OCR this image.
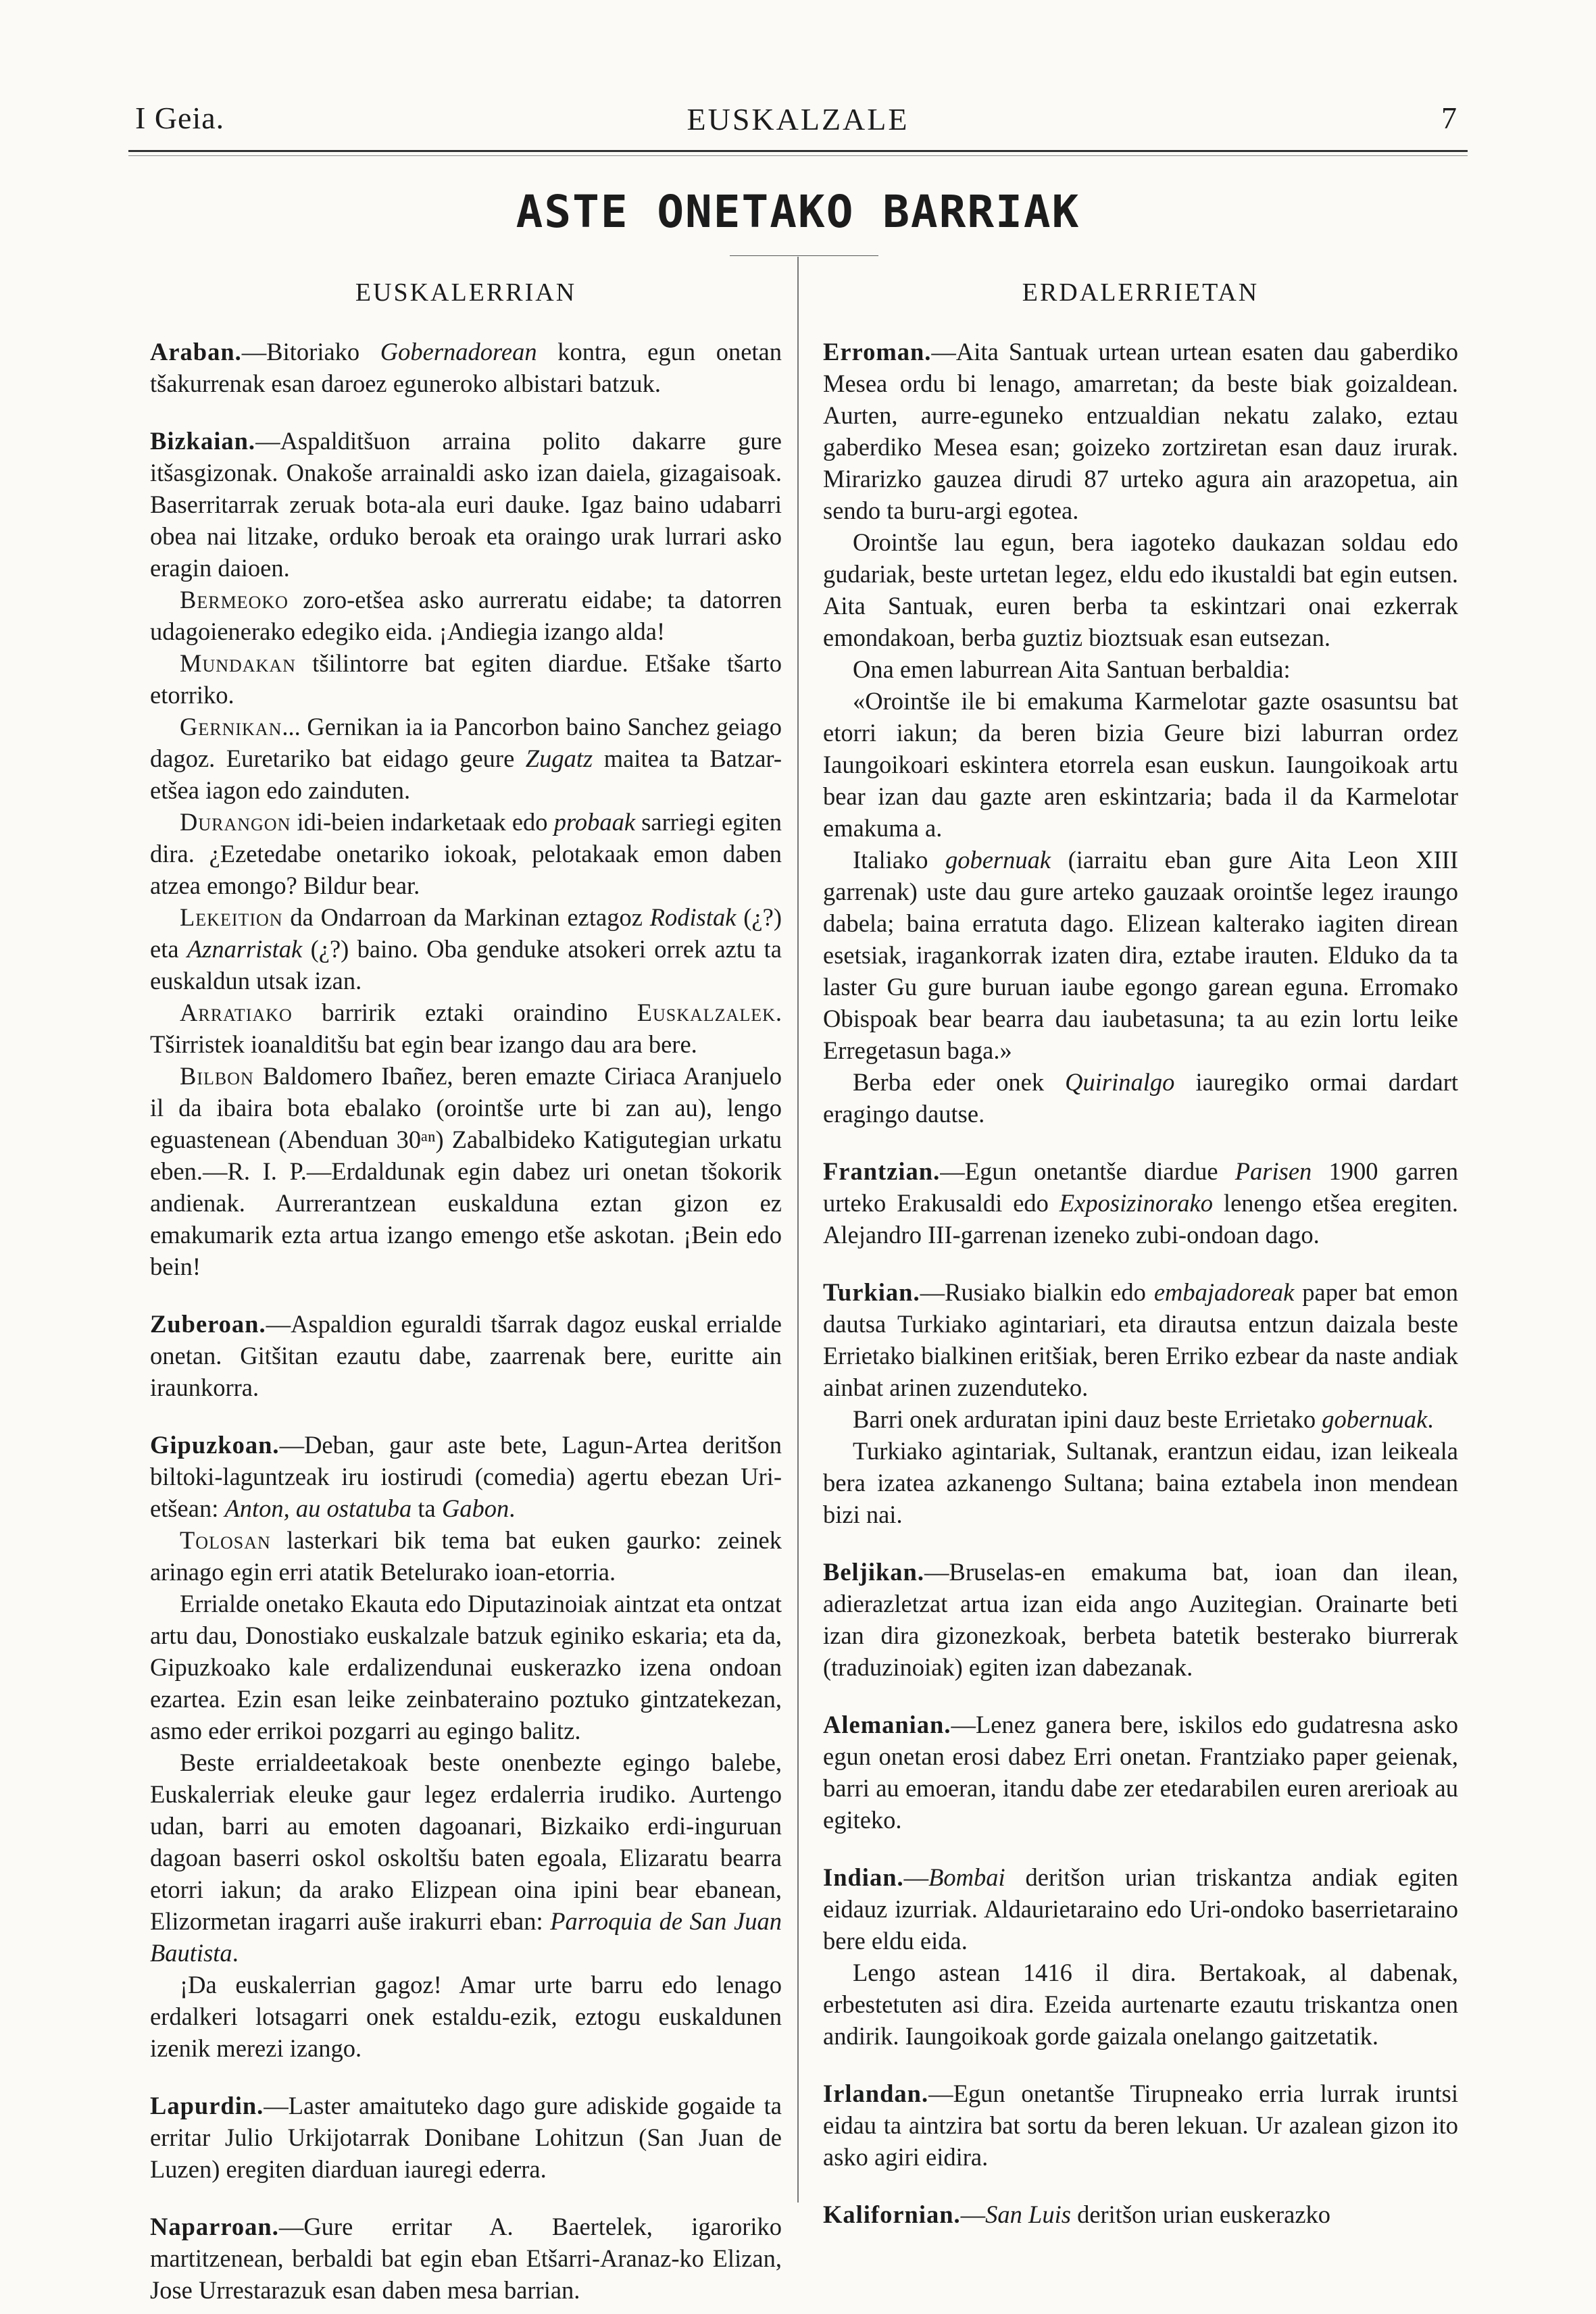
I Geia.	EUSKALZALE	7
ASTE ONETAKO BARRIAK
EUSKALERRIAN

Araban.—Bitoriako Gobernadorean kontra, egun onetan tšakurrenak esan daroez eguneroko albistari batzuk.

Bizkaian.—Aspalditšuon arraina polito dakarre gure itšasgizonak. Onakoše arrainaldi asko izan daiela, gizagaisoak. Baserritarrak zeruak bota-ala euri dauke. Igaz baino udabarri obea nai litzake, orduko beroak eta oraingo urak lurrari asko eragin daioen.

Bermeoko zoro-etšea asko aurreratu eidabe; ta datorren udagoienerako edegiko eida. ¡Andiegia izango alda!

Mundakan tšilintorre bat egiten diardue. Etšake tšarto etorriko.

Gernikan... Gernikan ia ia Pancorbon baino Sanchez geiago dagoz. Euretariko bat eidago geure Zugatz maitea ta Batzar-etšea iagon edo zainduten.

Durangon idi-beien indarketaak edo probaak sarriegi egiten dira. ¿Ezetedabe onetariko iokoak, pelotakaak emon daben atzea emongo? Bildur bear.

Lekeition da Ondarroan da Markinan eztagoz Rodistak (¿?) eta Aznarristak (¿?) baino. Oba genduke atsokeri orrek aztu ta euskaldun utsak izan.

Arratiako barririk eztaki oraindino Euskalzalek. Tširristek ioanalditšu bat egin bear izango dau ara bere.

Bilbon Baldomero Ibañez, beren emazte Ciriaca Aranjuelo il da ibaira bota ebalako (orointše urte bi zan au), lengo eguastenean (Abenduan 30ᵃⁿ) Zabalbideko Katigutegian urkatu eben.—R. I. P.—Erdaldunak egin dabez uri onetan tšokorik andienak. Aurrerantzean euskalduna eztan gizon ez emakumarik ezta artua izango emengo etše askotan. ¡Bein edo bein!

Zuberoan.—Aspaldion eguraldi tšarrak dagoz euskal errialde onetan. Gitšitan ezautu dabe, zaarrenak bere, euritte ain iraunkorra.

Gipuzkoan.—Deban, gaur aste bete, Lagun-Artea deritšon biltoki-laguntzeak iru iostirudi (comedia) agertu ebezan Uri-etšean: Anton, au ostatuba ta Gabon.

Tolosan lasterkari bik tema bat euken gaurko: zeinek arinago egin erri atatik Betelurako ioan-etorria.

Errialde onetako Ekauta edo Diputazinoiak aintzat eta ontzat artu dau, Donostiako euskalzale batzuk eginiko eskaria; eta da, Gipuzkoako kale erdalizendunai euskerazko izena ondoan ezartea. Ezin esan leike zeinbateraino poztuko gintzatekezan, asmo eder errikoi pozgarri au egingo balitz.

Beste errialdeetakoak beste onenbezte egingo balebe, Euskalerriak eleuke gaur legez erdalerria irudiko. Aurtengo udan, barri au emoten dagoanari, Bizkaiko erdi-inguruan dagoan baserri oskol oskoltšu baten egoala, Elizaratu bearra etorri iakun; da arako Elizpean oina ipini bear ebanean, Elizormetan iragarri auše irakurri eban: Parroquia de San Juan Bautista.

¡Da euskalerrian gagoz! Amar urte barru edo lenago erdalkeri lotsagarri onek estaldu-ezik, eztogu euskaldunen izenik merezi izango.

Lapurdin.—Laster amaituteko dago gure adiskide gogaide ta erritar Julio Urkijotarrak Donibane Lohitzun (San Juan de Luzen) eregiten diarduan iauregi ederra.

Naparroan.—Gure erritar A. Baertelek, igaroriko martitzenean, berbaldi bat egin eban Etšarri-Aranaz-ko Elizan, Jose Urrestarazuk esan daben mesa barrian.

ERDALERRIETAN

Erroman.—Aita Santuak urtean urtean esaten dau gaberdiko Mesea ordu bi lenago, amarretan; da beste biak goizaldean. Aurten, aurre-eguneko entzualdian nekatu zalako, eztau gaberdiko Mesea esan; goizeko zortziretan esan dauz irurak. Mirarizko gauzea dirudi 87 urteko agura ain arazopetua, ain sendo ta buru-argi egotea.

Orointše lau egun, bera iagoteko daukazan soldau edo gudariak, beste urtetan legez, eldu edo ikustaldi bat egin eutsen. Aita Santuak, euren berba ta eskintzari onai ezkerrak emondakoan, berba guztiz bioztsuak esan eutsezan.

Ona emen laburrean Aita Santuan berbaldia:

«Orointše ile bi emakuma Karmelotar gazte osasuntsu bat etorri iakun; da beren bizia Geure bizi laburran ordez Iaungoikoari eskintera etorrela esan euskun. Iaungoikoak artu bear izan dau gazte aren eskintzaria; bada il da Karmelotar emakuma a.

Italiako gobernuak (iarraitu eban gure Aita Leon XIII garrenak) uste dau gure arteko gauzaak orointše legez iraungo dabela; baina erratuta dago. Elizean kalterako iagiten direan esetsiak, iragankorrak izaten dira, eztabe irauten. Elduko da ta laster Gu gure buruan iaube egongo garean eguna. Erromako Obispoak bear bearra dau iaubetasuna; ta au ezin lortu leike Erregetasun baga.»

Berba eder onek Quirinalgo iauregiko ormai dardart eragingo dautse.

Frantzian.—Egun onetantše diardue Parisen 1900 garren urteko Erakusaldi edo Exposizinorako lenengo etšea eregiten. Alejandro III-garrenan izeneko zubi-ondoan dago.

Turkian.—Rusiako bialkin edo embajadoreak paper bat emon dautsa Turkiako agintariari, eta dirautsa entzun daizala beste Errietako bialkinen eritšiak, beren Erriko ezbear da naste andiak ainbat arinen zuzenduteko.

Barri onek arduratan ipini dauz beste Errietako gobernuak.

Turkiako agintariak, Sultanak, erantzun eidau, izan leikeala bera izatea azkanengo Sultana; baina eztabela inon mendean bizi nai.

Beljikan.—Bruselas-en emakuma bat, ioan dan ilean, adierazletzat artua izan eida ango Auzitegian. Orainarte beti izan dira gizonezkoak, berbeta batetik besterako biurrerak (traduzinoiak) egiten izan dabezanak.

Alemanian.—Lenez ganera bere, iskilos edo gudatresna asko egun onetan erosi dabez Erri onetan. Frantziako paper geienak, barri au emoeran, itandu dabe zer etedarabilen euren arerioak au egiteko.

Indian.—Bombai deritšon urian triskantza andiak egiten eidauz izurriak. Aldaurietaraino edo Uri-ondoko baserrietaraino bere eldu eida.

Lengo astean 1416 il dira. Bertakoak, al dabenak, erbestetuten asi dira. Ezeida aurtenarte ezautu triskantza onen andirik. Iaungoikoak gorde gaizala onelango gaitzetatik.

Irlandan.—Egun onetantše Tirupneako erria lurrak iruntsi eidau ta aintzira bat sortu da beren lekuan. Ur azalean gizon ito asko agiri eidira.

Kalifornian.—San Luis deritšon urian euskerazko
